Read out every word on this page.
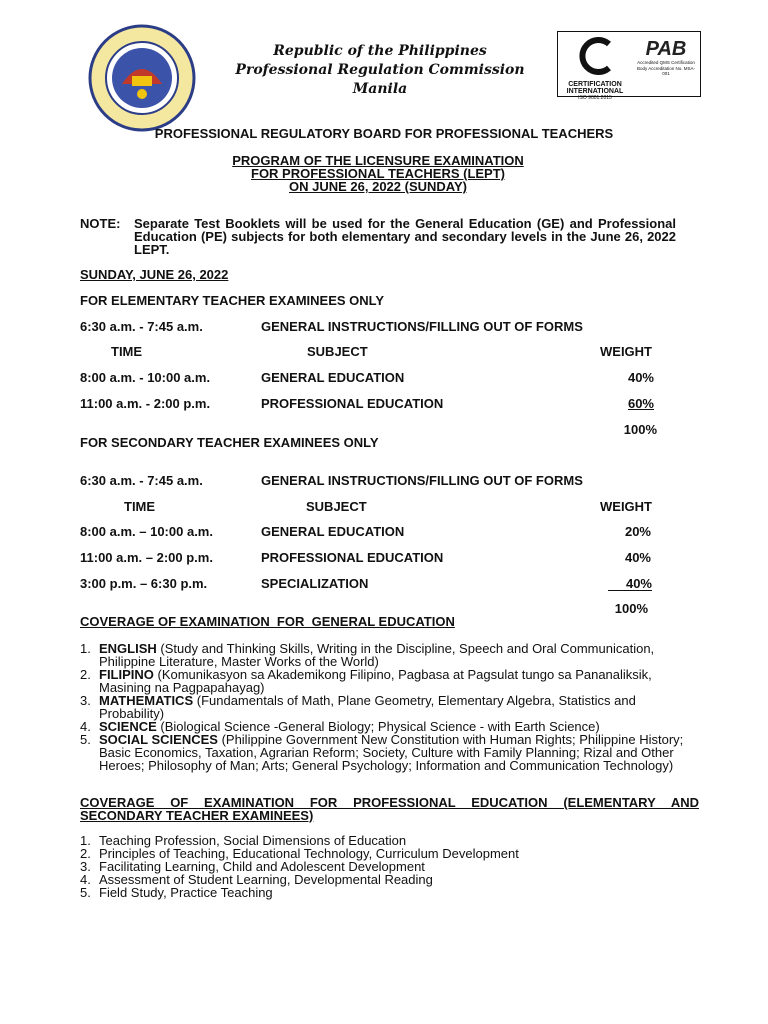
Republic of the Philippines
Professional Regulation Commission
Manila	CERTIFICATION
INTERNATIONAL
ISO 9001:2015
PAB
Accredited QMS Certification Body Accreditation No. MSA-001
PROFESSIONAL REGULATORY BOARD FOR PROFESSIONAL TEACHERS
PROGRAM OF THE LICENSURE EXAMINATION
FOR PROFESSIONAL TEACHERS (LEPT)
ON JUNE 26, 2022 (SUNDAY)
NOTE: Separate Test Booklets will be used for the General Education (GE) and Professional Education (PE) subjects for both elementary and secondary levels in the June 26, 2022 LEPT.
SUNDAY, JUNE 26, 2022
FOR ELEMENTARY TEACHER EXAMINEES ONLY
6:30 a.m. - 7:45 a.m.	GENERAL INSTRUCTIONS/FILLING OUT OF FORMS
TIME	SUBJECT	WEIGHT
8:00 a.m. - 10:00 a.m.	GENERAL EDUCATION	40%
11:00 a.m. - 2:00 p.m.	PROFESSIONAL EDUCATION	60%
100%
FOR SECONDARY TEACHER EXAMINEES ONLY
6:30 a.m. - 7:45 a.m.	GENERAL INSTRUCTIONS/FILLING OUT OF FORMS
TIME	SUBJECT	WEIGHT
8:00 a.m. – 10:00 a.m.	GENERAL EDUCATION	20%
11:00 a.m. – 2:00 p.m.	PROFESSIONAL EDUCATION	40%
3:00 p.m. – 6:30 p.m.	SPECIALIZATION	40%
100%
COVERAGE OF EXAMINATION  FOR  GENERAL EDUCATION
1. ENGLISH (Study and Thinking Skills, Writing in the Discipline, Speech and Oral Communication, Philippine Literature, Master Works of the World)
2. FILIPINO (Komunikasyon sa Akademikong Filipino, Pagbasa at Pagsulat tungo sa Pananaliksik, Masining na Pagpapahayag)
3. MATHEMATICS (Fundamentals of Math, Plane Geometry, Elementary Algebra, Statistics and Probability)
4. SCIENCE (Biological Science -General Biology; Physical Science - with Earth Science)
5. SOCIAL SCIENCES (Philippine Government New Constitution with Human Rights; Philippine History; Basic Economics, Taxation, Agrarian Reform; Society, Culture with Family Planning; Rizal and Other Heroes; Philosophy of Man; Arts; General Psychology; Information and Communication Technology)
COVERAGE OF EXAMINATION FOR PROFESSIONAL EDUCATION (ELEMENTARY AND SECONDARY TEACHER EXAMINEES)
1. Teaching Profession, Social Dimensions of Education
2. Principles of Teaching, Educational Technology, Curriculum Development
3. Facilitating Learning, Child and Adolescent Development
4. Assessment of Student Learning, Developmental Reading
5. Field Study, Practice Teaching
